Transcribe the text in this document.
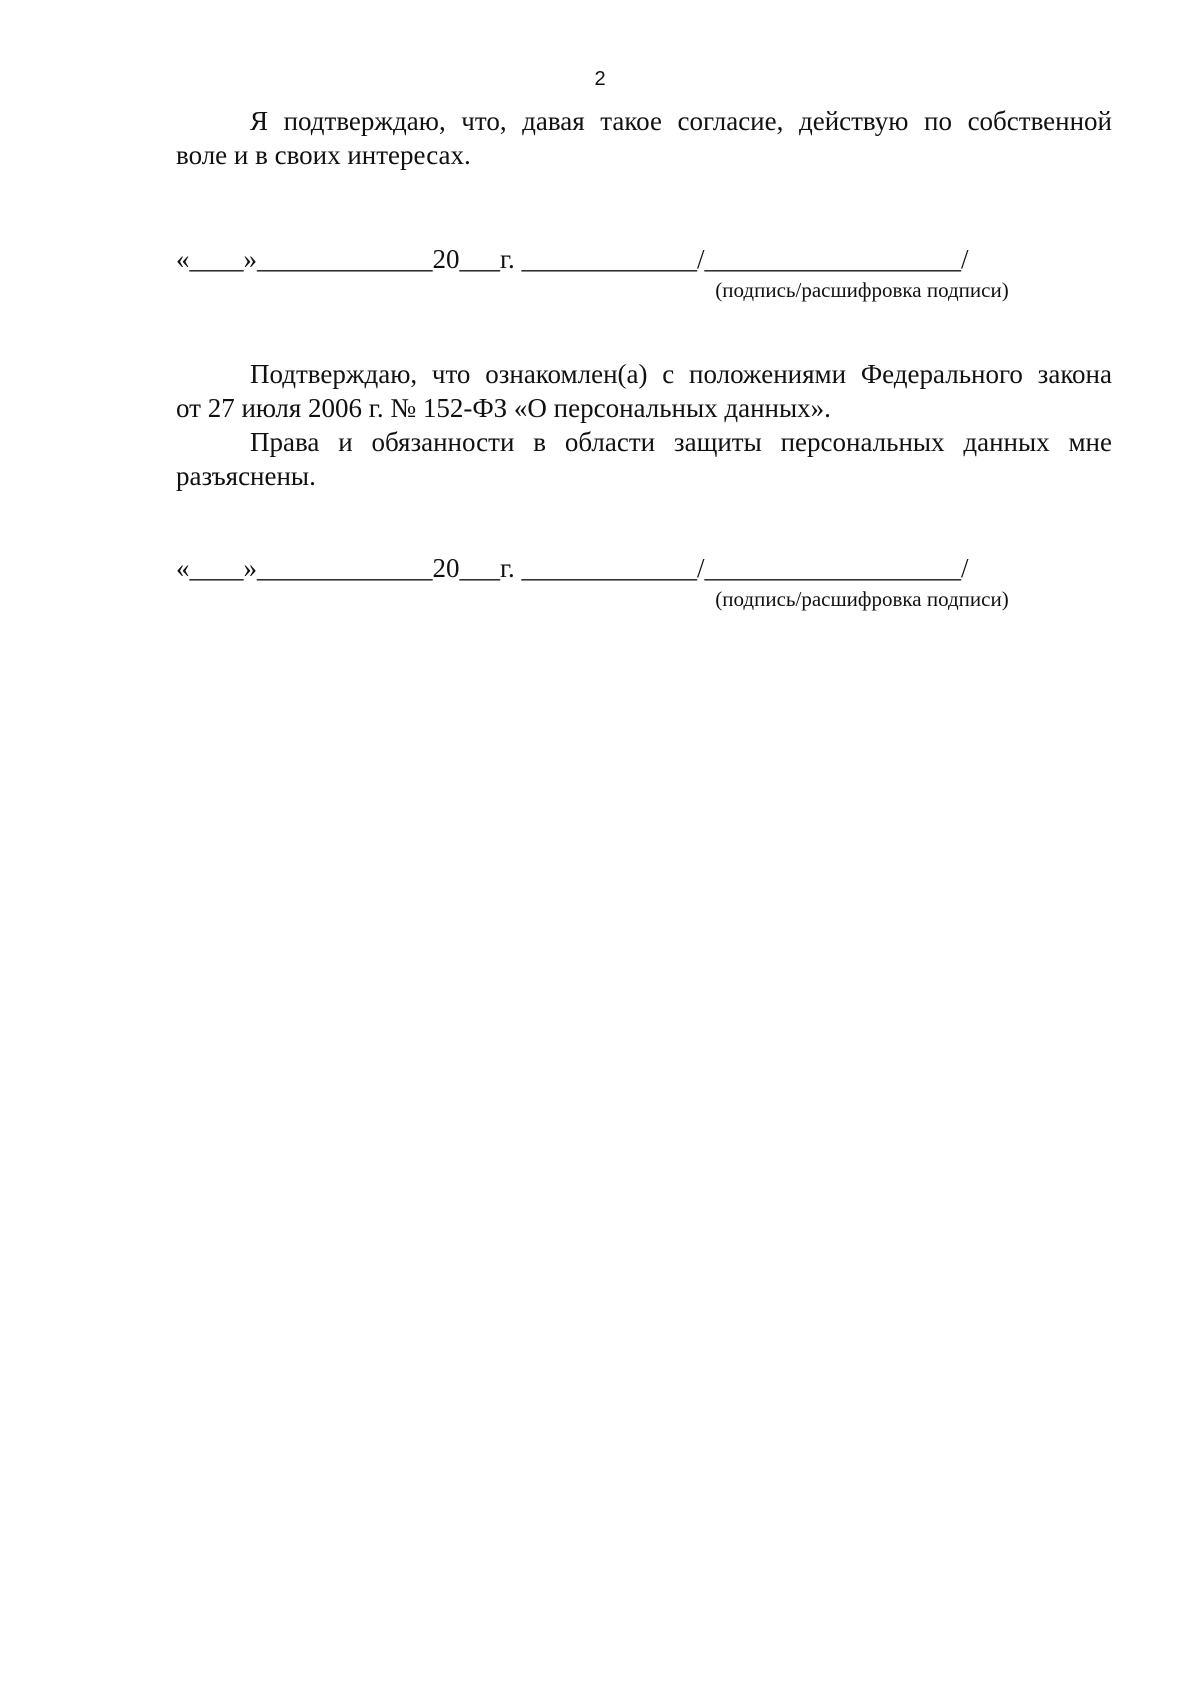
2
Я подтверждаю, что, давая такое согласие, действую по собственной
воле и в своих интересах.
«____»_____________20___г. _____________/___________________/
(подпись/расшифровка подписи)
Подтверждаю, что ознакомлен(а) с положениями Федерального закона
от 27 июля 2006 г. № 152-ФЗ «О персональных данных».
Права и обязанности в области защиты персональных данных мне
разъяснены.
«____»_____________20___г. _____________/___________________/
(подпись/расшифровка подписи)
